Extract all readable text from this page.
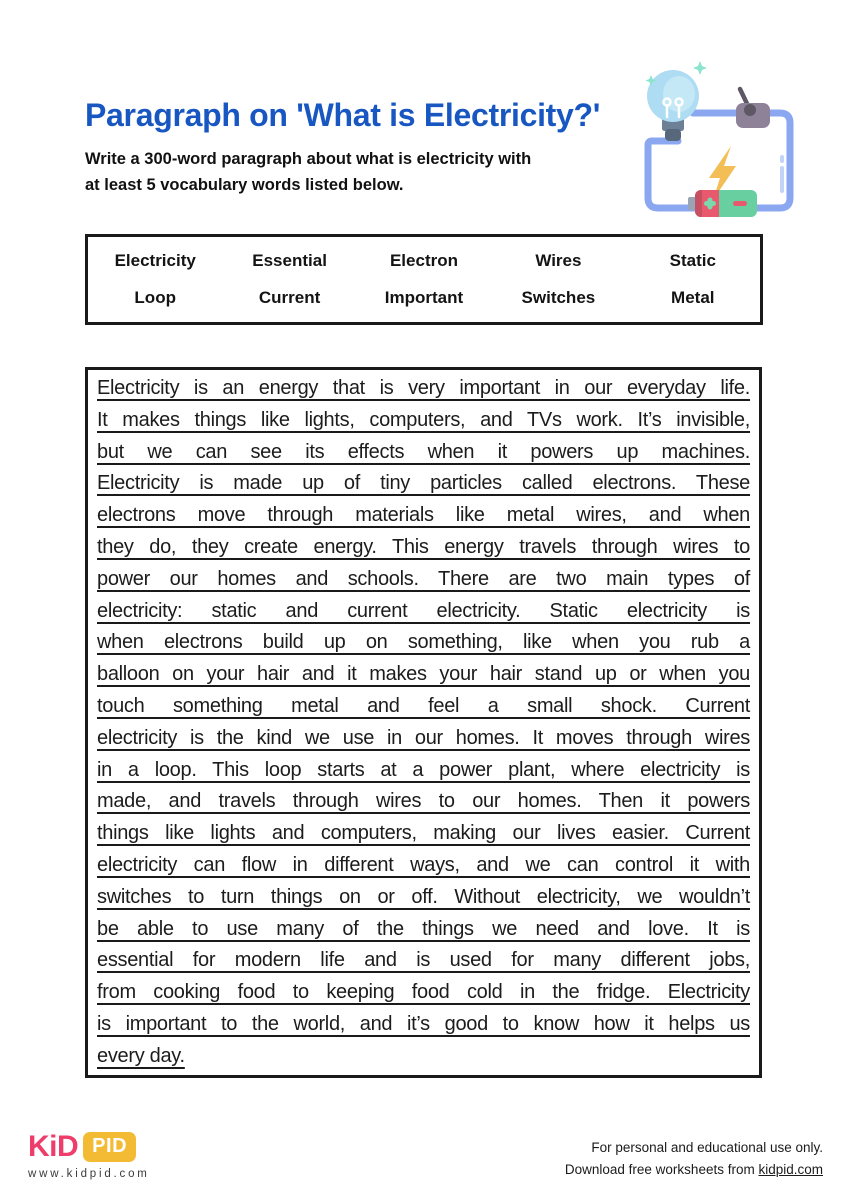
Paragraph on 'What is Electricity?'
Write a 300-word paragraph about what is electricity with
at least 5 vocabulary words listed below.
Electricity	Essential	Electron	Wires	Static
Loop	Current	Important	Switches	Metal
Electricity is an energy that is very important in our everyday life.
It makes things like lights, computers, and TVs work. It’s invisible,
but we can see its effects when it powers up machines.
Electricity is made up of tiny particles called electrons. These
electrons move through materials like metal wires, and when
they do, they create energy. This energy travels through wires to
power our homes and schools. There are two main types of
electricity: static and current electricity. Static electricity is
when electrons build up on something, like when you rub a
balloon on your hair and it makes your hair stand up or when you
touch something metal and feel a small shock. Current
electricity is the kind we use in our homes. It moves through wires
in a loop. This loop starts at a power plant, where electricity is
made, and travels through wires to our homes. Then it powers
things like lights and computers, making our lives easier. Current
electricity can flow in different ways, and we can control it with
switches to turn things on or off. Without electricity, we wouldn’t
be able to use many of the things we need and love. It is
essential for modern life and is used for many different jobs,
from cooking food to keeping food cold in the fridge. Electricity
is important to the world, and it’s good to know how it helps us
every day.
KiD PID
www.kidpid.com
For personal and educational use only.
Download free worksheets from kidpid.com
